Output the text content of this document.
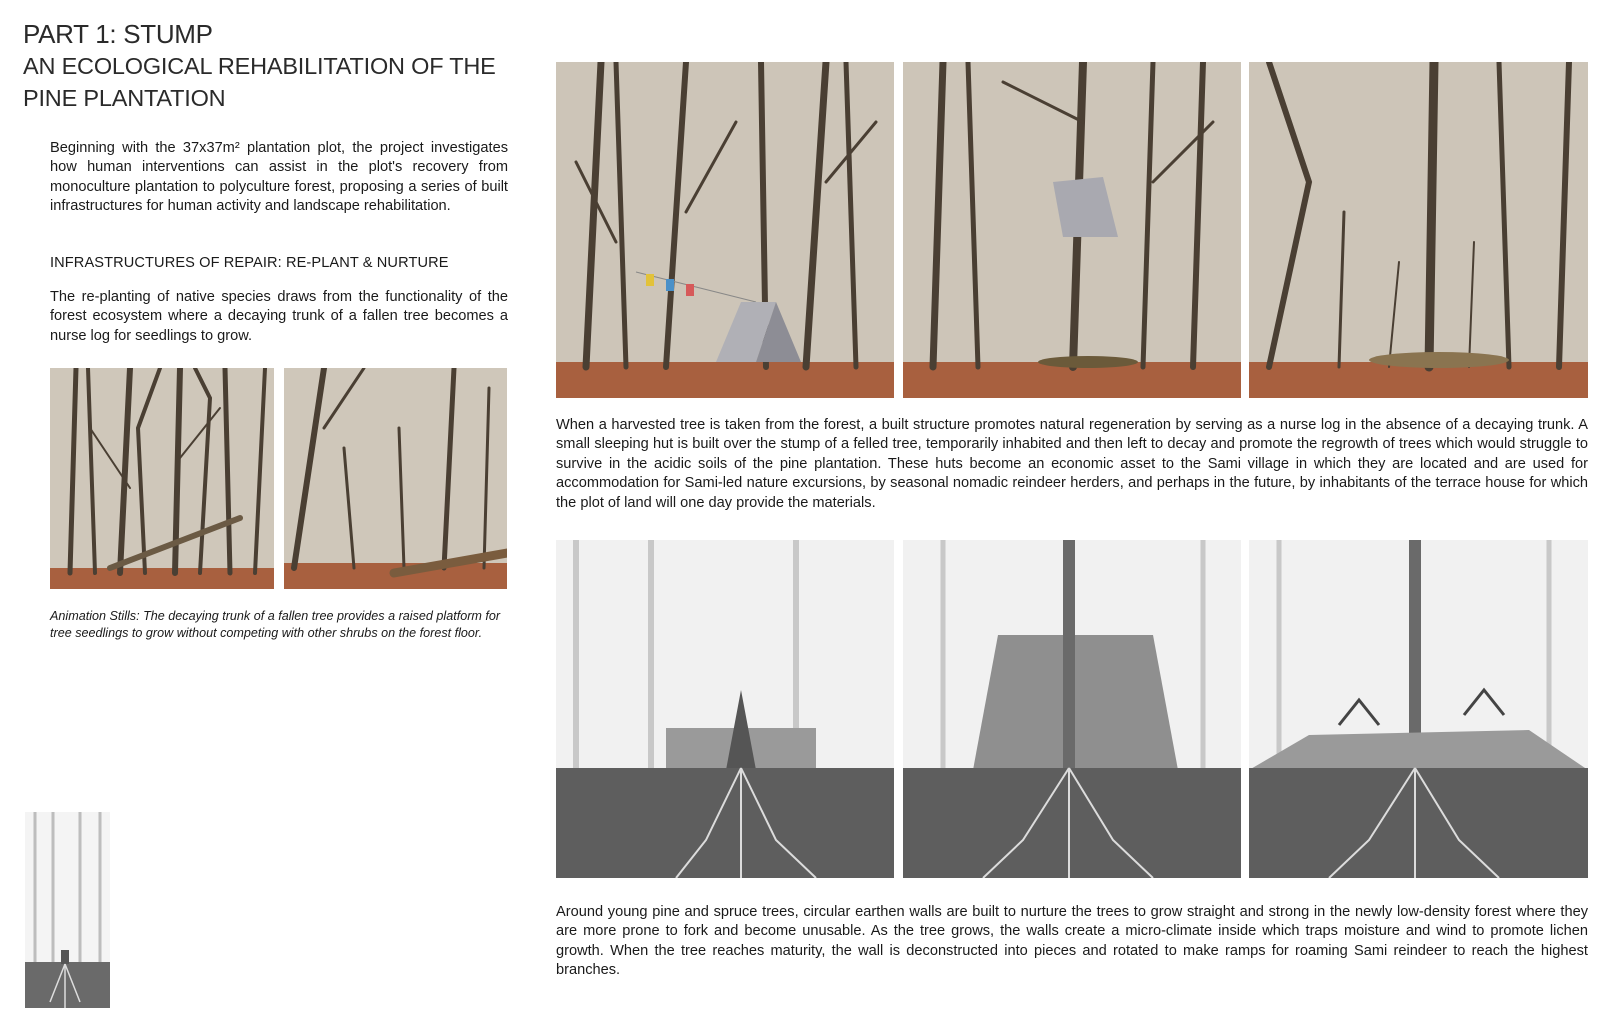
PART 1: STUMP
AN ECOLOGICAL REHABILITATION OF THE
PINE PLANTATION

Beginning with the 37x37m² plantation plot, the project investigates how human interventions can assist in the plot's recovery from monoculture plantation to polyculture forest, proposing a series of built infrastructures for human activity and landscape rehabilitation.

INFRASTRUCTURES OF REPAIR: RE-PLANT & NURTURE

The re-planting of native species draws from the functionality of the forest ecosystem where a decaying trunk of a fallen tree becomes a nurse log for seedlings to grow.

Animation Stills: The decaying trunk of a fallen tree provides a raised platform for tree seedlings to grow without competing with other shrubs on the forest floor.

When a harvested tree is taken from the forest, a built structure promotes natural regeneration by serving as a nurse log in the absence of a decaying trunk. A small sleeping hut is built over the stump of a felled tree, temporarily inhabited and then left to decay and promote the regrowth of trees which would struggle to survive in the acidic soils of the pine plantation. These huts become an economic asset to the Sami village in which they are located and are used for accommodation for Sami-led nature excursions, by seasonal nomadic reindeer herders, and perhaps in the future, by inhabitants of the terrace house for which the plot of land will one day provide the materials.

Around young pine and spruce trees, circular earthen walls are built to nurture the trees to grow straight and strong in the newly low-density forest where they are more prone to fork and become unusable. As the tree grows, the walls create a micro-climate inside which traps moisture and wind to promote lichen growth. When the tree reaches maturity, the wall is deconstructed into pieces and rotated to make ramps for roaming Sami reindeer to reach the highest branches.
